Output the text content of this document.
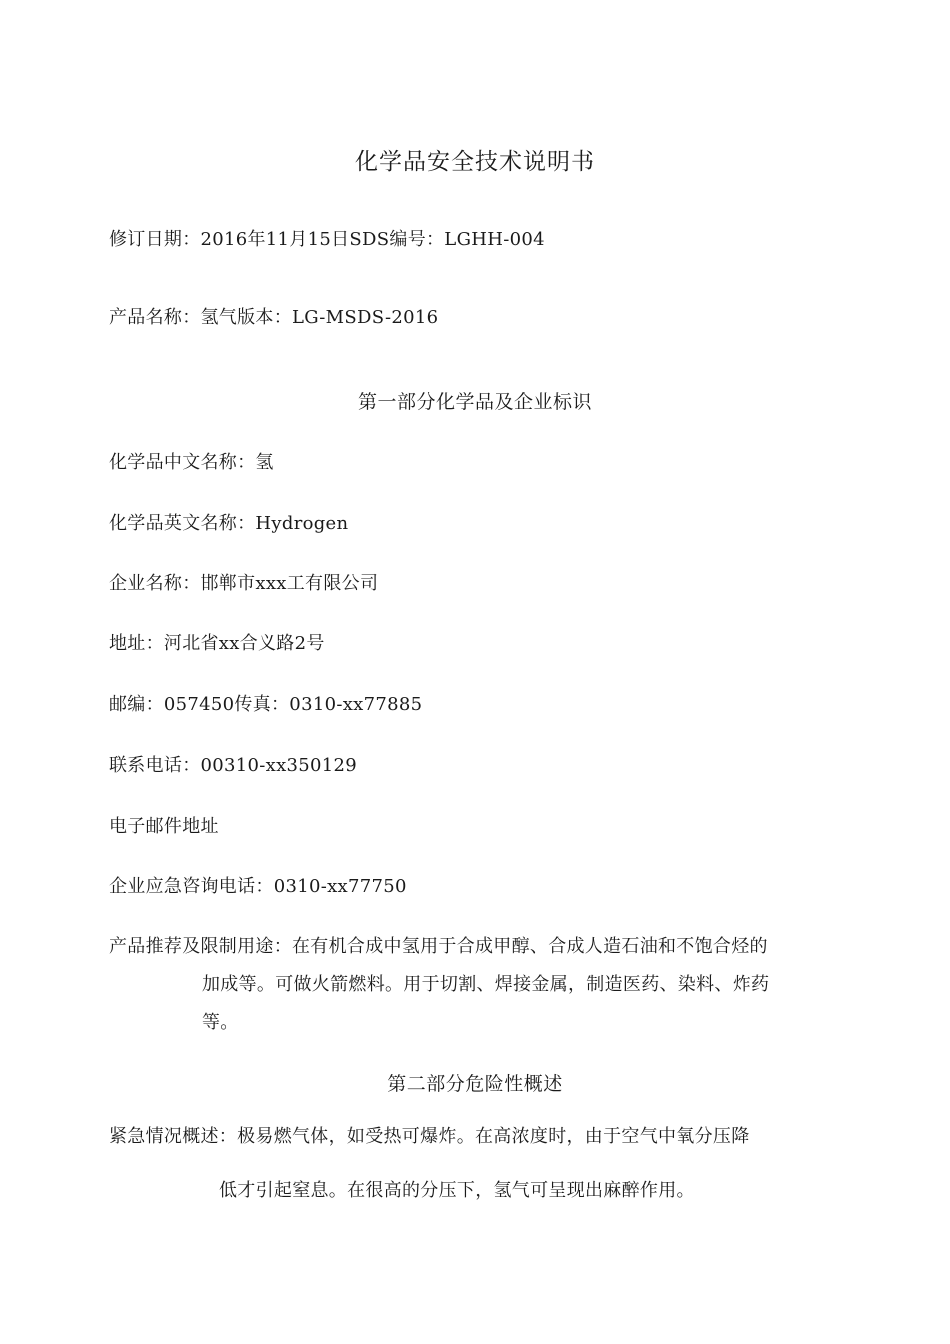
化学品安全技术说明书
修订日期：2016年11月15日SDS编号：LGHH-004
产品名称：氢气版本：LG-MSDS-2016
第一部分化学品及企业标识
化学品中文名称：氢
化学品英文名称：Hydrogen
企业名称：邯郸市xxx工有限公司
地址：河北省xx合义路2号
邮编：057450传真：0310-xx77885
联系电话：00310-xx350129
电子邮件地址
企业应急咨询电话：0310-xx77750
产品推荐及限制用途：在有机合成中氢用于合成甲醇、合成人造石油和不饱合烃的
加成等。可做火箭燃料。用于切割、焊接金属，制造医药、染料、炸药
等。
第二部分危险性概述
紧急情况概述：极易燃气体，如受热可爆炸。在高浓度时，由于空气中氧分压降
低才引起窒息。在很高的分压下，氢气可呈现出麻醉作用。
